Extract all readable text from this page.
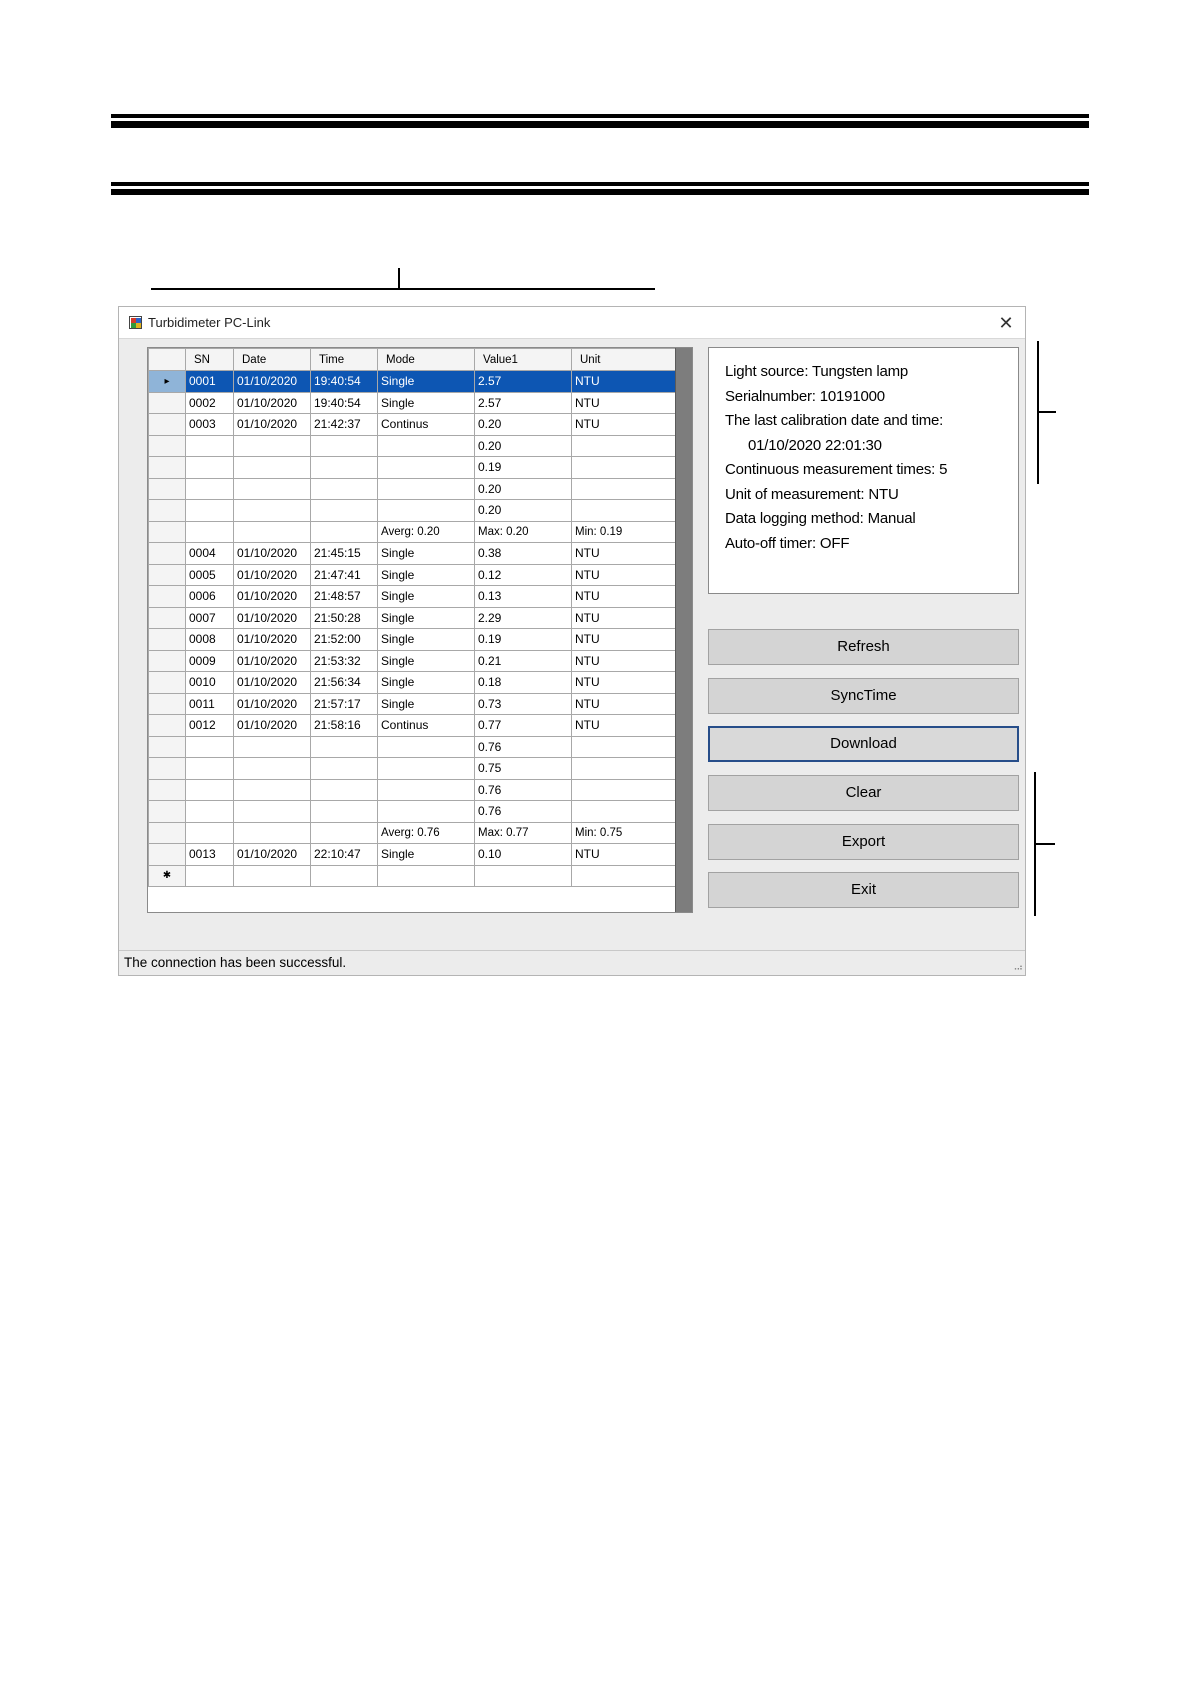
Turbidimeter PC-Link	✕
	SN	Date	Time	Mode	Value1	Unit
▸	0001	01/10/2020	19:40:54	Single	2.57	NTU
	0002	01/10/2020	19:40:54	Single	2.57	NTU
	0003	01/10/2020	21:42:37	Continus	0.20	NTU
					0.20	
					0.19	
					0.20	
					0.20	
				Averg: 0.20	Max: 0.20	Min: 0.19
	0004	01/10/2020	21:45:15	Single	0.38	NTU
	0005	01/10/2020	21:47:41	Single	0.12	NTU
	0006	01/10/2020	21:48:57	Single	0.13	NTU
	0007	01/10/2020	21:50:28	Single	2.29	NTU
	0008	01/10/2020	21:52:00	Single	0.19	NTU
	0009	01/10/2020	21:53:32	Single	0.21	NTU
	0010	01/10/2020	21:56:34	Single	0.18	NTU
	0011	01/10/2020	21:57:17	Single	0.73	NTU
	0012	01/10/2020	21:58:16	Continus	0.77	NTU
					0.76	
					0.75	
					0.76	
					0.76	
				Averg: 0.76	Max: 0.77	Min: 0.75
	0013	01/10/2020	22:10:47	Single	0.10	NTU
✱						
Light source: Tungsten lamp
Serialnumber: 10191000
The last calibration date and time:
01/10/2020 22:01:30
Continuous measurement times: 5
Unit of measurement: NTU
Data logging method: Manual
Auto-off timer: OFF
Refresh
SyncTime
Download
Clear
Export
Exit
The connection has been successful.	⠠⠴
